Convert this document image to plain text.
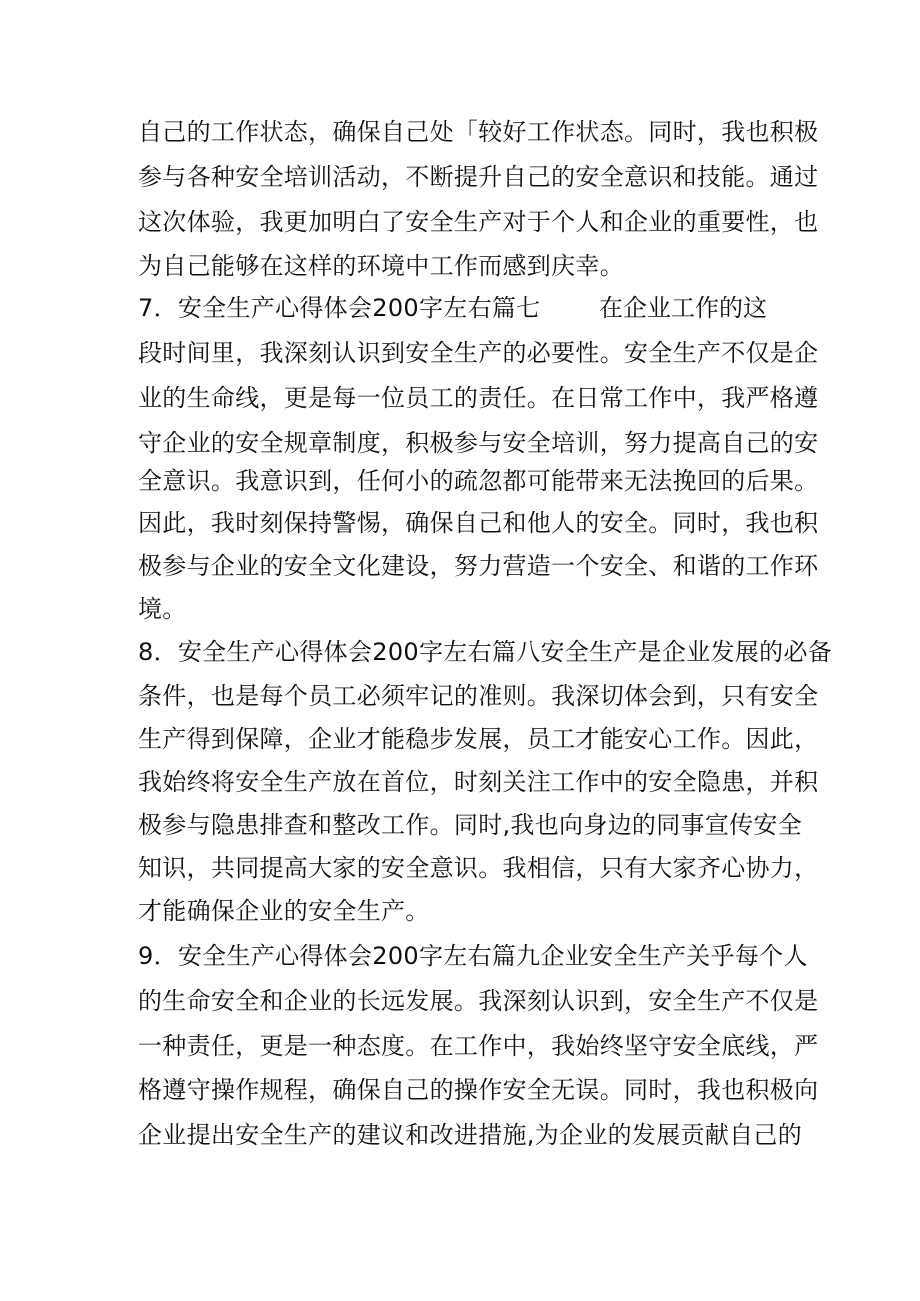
自己的工作状态，确保自己处「较好工作状态。同时，我也积极
参与各种安全培训活动，不断提升自己的安全意识和技能。通过
这次体验，我更加明白了安全生产对于个人和企业的重要性，也
为自己能够在这样的环境中工作而感到庆幸。
7．安全生产心得体会200字左右篇七 在企业工作的这
段时间里，我深刻认识到安全生产的必要性。安全生产不仅是企
业的生命线，更是每一位员工的责任。在日常工作中，我严格遵
守企业的安全规章制度，积极参与安全培训，努力提高自己的安
全意识。我意识到，任何小的疏忽都可能带来无法挽回的后果。
因此，我时刻保持警惕，确保自己和他人的安全。同时，我也积
极参与企业的安全文化建设，努力营造一个安全、和谐的工作环
境。
8．安全生产心得体会200字左右篇八安全生产是企业发展的必备
条件，也是每个员工必须牢记的准则。我深切体会到，只有安全
生产得到保障，企业才能稳步发展，员工才能安心工作。因此，
我始终将安全生产放在首位，时刻关注工作中的安全隐患，并积
极参与隐患排查和整改工作。同时,我也向身边的同事宣传安全
知识，共同提高大家的安全意识。我相信，只有大家齐心协力，
才能确保企业的安全生产。
9．安全生产心得体会200字左右篇九企业安全生产关乎每个人
的生命安全和企业的长远发展。我深刻认识到，安全生产不仅是
一种责任，更是一种态度。在工作中，我始终坚守安全底线，严
格遵守操作规程，确保自己的操作安全无误。同时，我也积极向
企业提出安全生产的建议和改进措施,为企业的发展贡献自己的
